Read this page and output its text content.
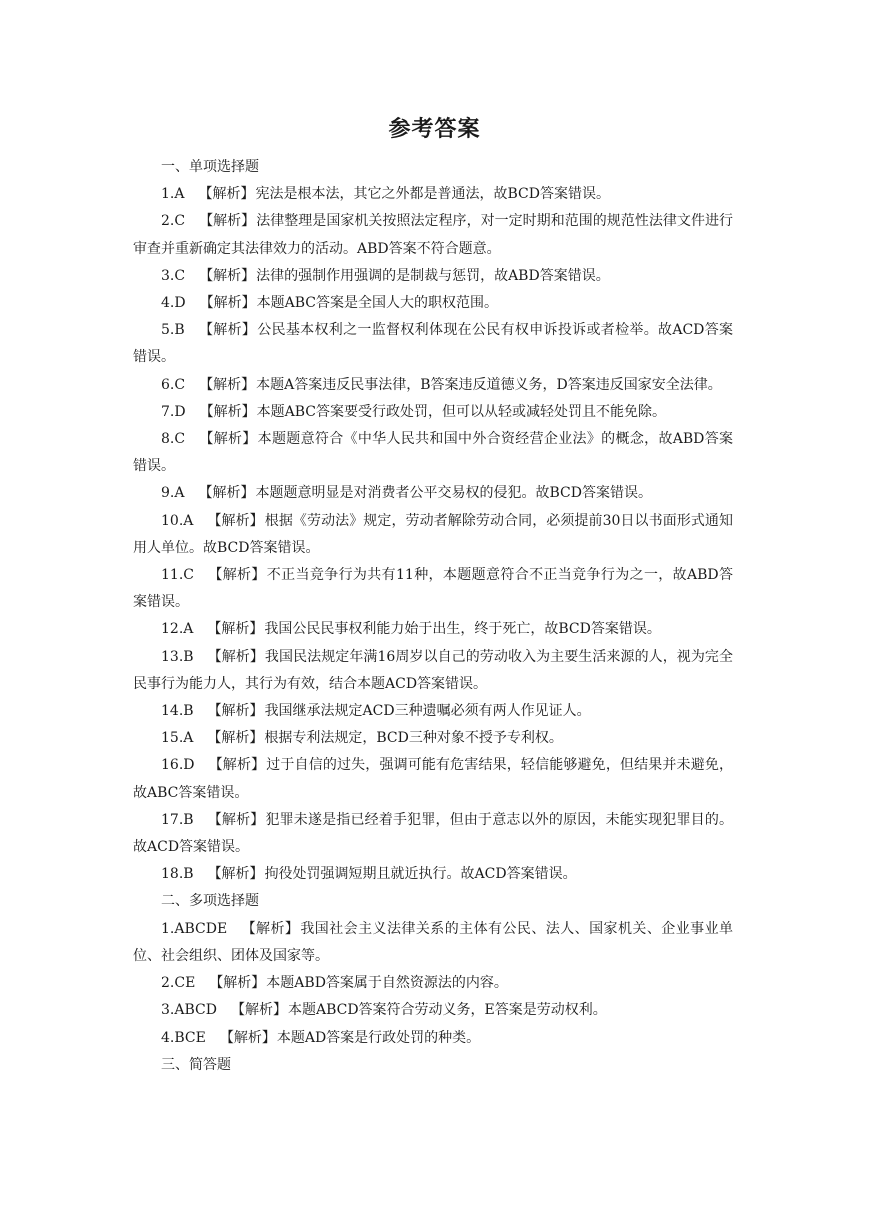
参考答案

一、单项选择题

1.A 【解析】宪法是根本法，其它之外都是普通法，故BCD答案错误。

2.C 【解析】法律整理是国家机关按照法定程序，对一定时期和范围的规范性法律文件进行审查并重新确定其法律效力的活动。ABD答案不符合题意。

3.C 【解析】法律的强制作用强调的是制裁与惩罚，故ABD答案错误。

4.D 【解析】本题ABC答案是全国人大的职权范围。

5.B 【解析】公民基本权利之一监督权利体现在公民有权申诉投诉或者检举。故ACD答案错误。

6.C 【解析】本题A答案违反民事法律，B答案违反道德义务，D答案违反国家安全法律。

7.D 【解析】本题ABC答案要受行政处罚，但可以从轻或减轻处罚且不能免除。

8.C 【解析】本题题意符合《中华人民共和国中外合资经营企业法》的概念，故ABD答案错误。

9.A 【解析】本题题意明显是对消费者公平交易权的侵犯。故BCD答案错误。

10.A 【解析】根据《劳动法》规定，劳动者解除劳动合同，必须提前30日以书面形式通知用人单位。故BCD答案错误。

11.C 【解析】不正当竞争行为共有11种，本题题意符合不正当竞争行为之一，故ABD答案错误。

12.A 【解析】我国公民民事权利能力始于出生，终于死亡，故BCD答案错误。

13.B 【解析】我国民法规定年满16周岁以自己的劳动收入为主要生活来源的人，视为完全民事行为能力人，其行为有效，结合本题ACD答案错误。

14.B 【解析】我国继承法规定ACD三种遗嘱必须有两人作见证人。

15.A 【解析】根据专利法规定，BCD三种对象不授予专利权。

16.D 【解析】过于自信的过失，强调可能有危害结果，轻信能够避免，但结果并未避免，故ABC答案错误。

17.B 【解析】犯罪未遂是指已经着手犯罪，但由于意志以外的原因，未能实现犯罪目的。故ACD答案错误。

18.B 【解析】拘役处罚强调短期且就近执行。故ACD答案错误。

二、多项选择题

1.ABCDE 【解析】我国社会主义法律关系的主体有公民、法人、国家机关、企业事业单位、社会组织、团体及国家等。

2.CE 【解析】本题ABD答案属于自然资源法的内容。

3.ABCD 【解析】本题ABCD答案符合劳动义务，E答案是劳动权利。

4.BCE 【解析】本题AD答案是行政处罚的种类。

三、简答题
